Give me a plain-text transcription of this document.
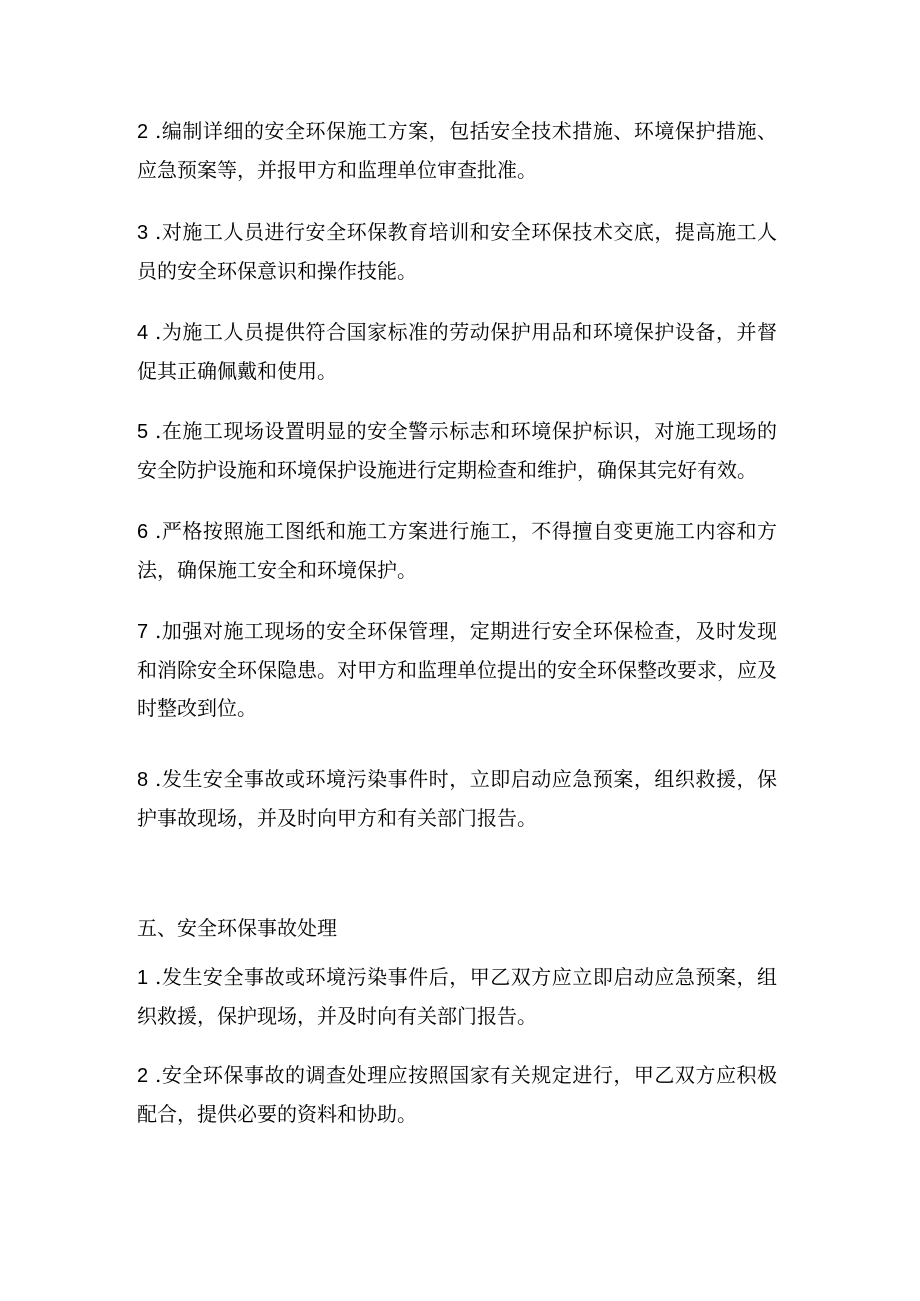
2 .编制详细的安全环保施工方案，包括安全技术措施、环境保护措施、应急预案等，并报甲方和监理单位审查批准。

3 .对施工人员进行安全环保教育培训和安全环保技术交底，提高施工人员的安全环保意识和操作技能。

4 .为施工人员提供符合国家标准的劳动保护用品和环境保护设备，并督促其正确佩戴和使用。

5 .在施工现场设置明显的安全警示标志和环境保护标识，对施工现场的安全防护设施和环境保护设施进行定期检查和维护，确保其完好有效。

6 .严格按照施工图纸和施工方案进行施工，不得擅自变更施工内容和方法，确保施工安全和环境保护。

7 .加强对施工现场的安全环保管理，定期进行安全环保检查，及时发现和消除安全环保隐患。对甲方和监理单位提出的安全环保整改要求，应及时整改到位。

8 .发生安全事故或环境污染事件时，立即启动应急预案，组织救援，保护事故现场，并及时向甲方和有关部门报告。

五、安全环保事故处理

1 .发生安全事故或环境污染事件后，甲乙双方应立即启动应急预案，组织救援，保护现场，并及时向有关部门报告。

2 .安全环保事故的调查处理应按照国家有关规定进行，甲乙双方应积极配合，提供必要的资料和协助。
